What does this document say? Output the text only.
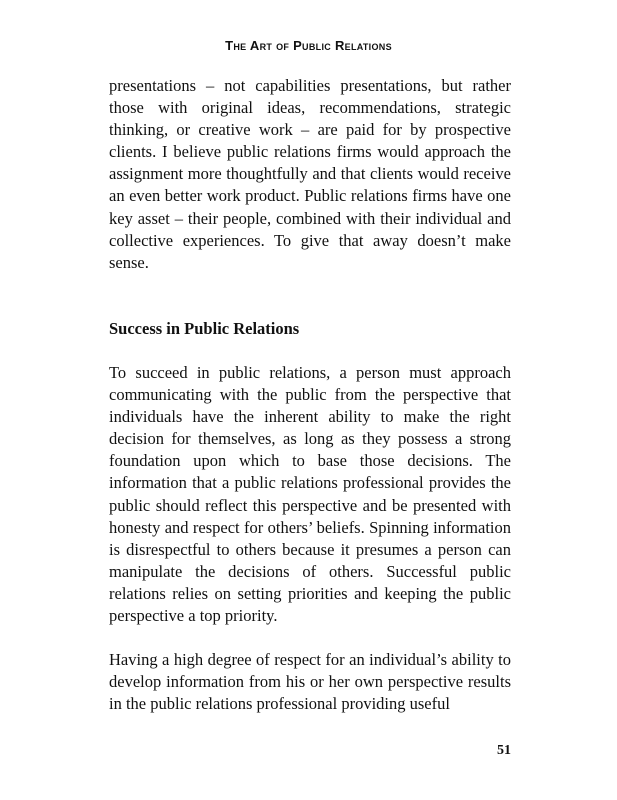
The Art of Public Relations

presentations – not capabilities presentations, but rather those with original ideas, recommendations, strategic thinking, or creative work – are paid for by prospective clients. I believe public relations firms would approach the assignment more thoughtfully and that clients would receive an even better work product. Public relations firms have one key asset – their people, combined with their individual and collective experiences. To give that away doesn’t make sense.

Success in Public Relations

To succeed in public relations, a person must approach communicating with the public from the perspective that individuals have the inherent ability to make the right decision for themselves, as long as they possess a strong foundation upon which to base those decisions. The information that a public relations professional provides the public should reflect this perspective and be presented with honesty and respect for others’ beliefs. Spinning information is disrespectful to others because it presumes a person can manipulate the decisions of others. Successful public relations relies on setting priorities and keeping the public perspective a top priority.

Having a high degree of respect for an individual’s ability to develop information from his or her own perspective results in the public relations professional providing useful

51
